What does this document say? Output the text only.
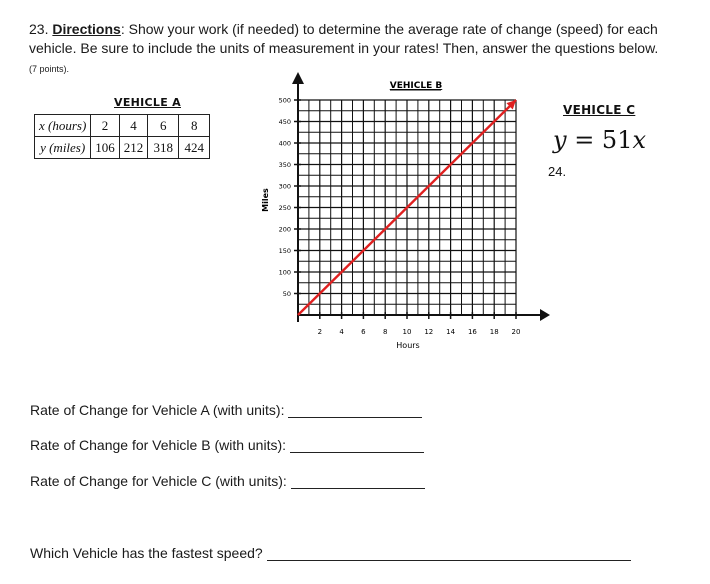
23. Directions: Show your work (if needed) to determine the average rate of change (speed) for each vehicle. Be sure to include the units of measurement in your rates! Then, answer the questions below. (7 points).
VEHICLE A
x (hours)	2	4	6	8
y (miles)	106	212	318	424
VEHICLE B
2 4 6 8 10 12 14 16 18 20
50
100
150
200
250
300
350
400
450
500
Hours
Miles
VEHICLE C
y = 51x
24.
Rate of Change for Vehicle A (with units):
Rate of Change for Vehicle B (with units):
Rate of Change for Vehicle C (with units):
Which Vehicle has the fastest speed?
